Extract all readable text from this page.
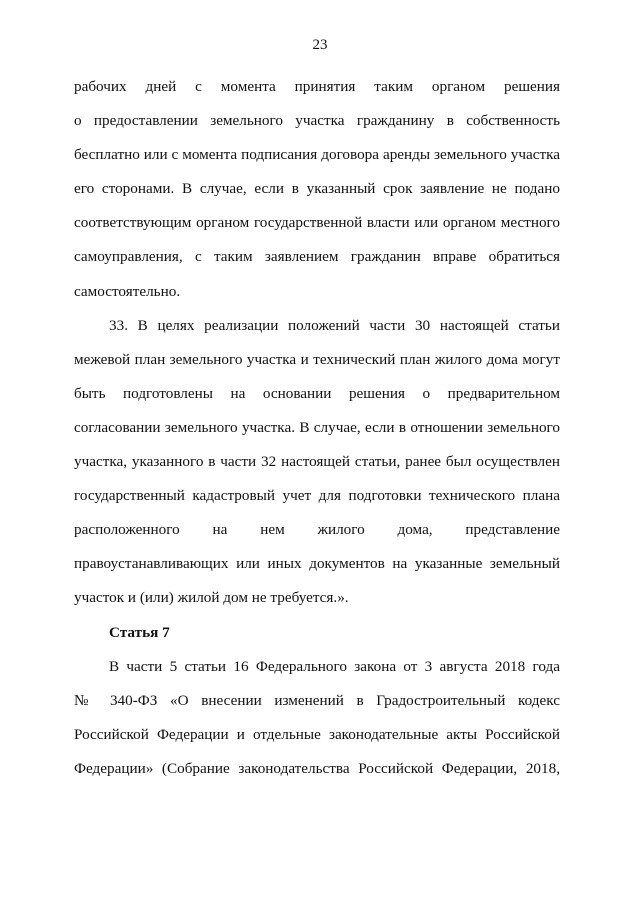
23

рабочих дней с момента принятия таким органом решения
о предоставлении земельного участка гражданину в собственность
бесплатно или с момента подписания договора аренды земельного участка
его сторонами. В случае, если в указанный срок заявление не подано
соответствующим органом государственной власти или органом местного
самоуправления, с таким заявлением гражданин вправе обратиться
самостоятельно.

33. В целях реализации положений части 30 настоящей статьи
межевой план земельного участка и технический план жилого дома могут
быть подготовлены на основании решения о предварительном
согласовании земельного участка. В случае, если в отношении земельного
участка, указанного в части 32 настоящей статьи, ранее был осуществлен
государственный кадастровый учет для подготовки технического плана
расположенного на нем жилого дома, представление
правоустанавливающих или иных документов на указанные земельный
участок и (или) жилой дом не требуется.».

Статья 7

В части 5 статьи 16 Федерального закона от 3 августа 2018 года
№ 340-ФЗ «О внесении изменений в Градостроительный кодекс
Российской Федерации и отдельные законодательные акты Российской
Федерации» (Собрание законодательства Российской Федерации, 2018,
